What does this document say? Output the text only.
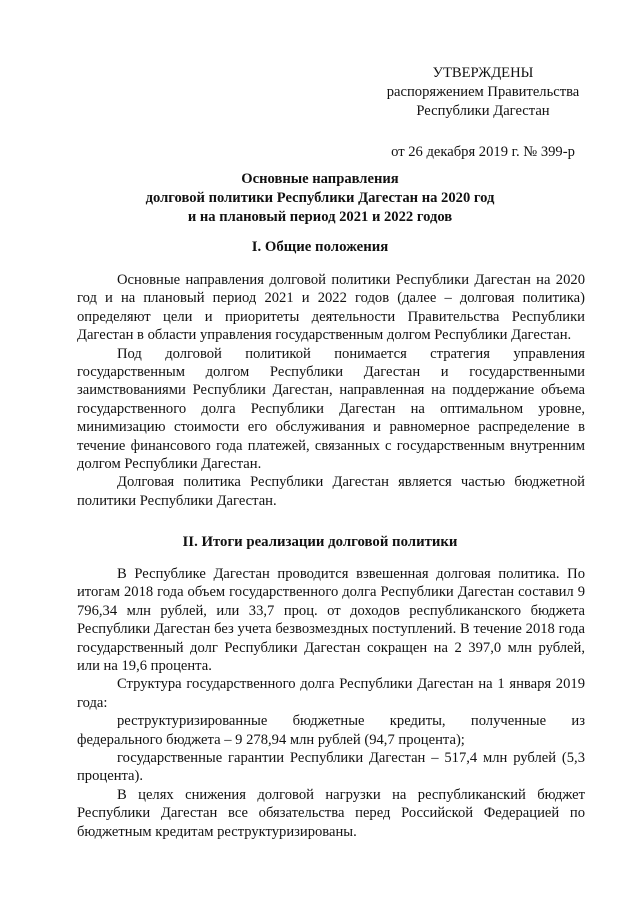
УТВЕРЖДЕНЫ
распоряжением Правительства
Республики Дагестан
от 26 декабря 2019 г. № 399-р
Основные направления
долговой политики Республики Дагестан на 2020 год
и на плановый период 2021 и 2022 годов
I. Общие положения

Основные направления долговой политики Республики Дагестан на 2020 год и на плановый период 2021 и 2022 годов (далее – долговая политика) определяют цели и приоритеты деятельности Правительства Республики Дагестан в области управления государственным долгом Республики Дагестан.

Под долговой политикой понимается стратегия управления государственным долгом Республики Дагестан и государственными заимствованиями Республики Дагестан, направленная на поддержание объема государственного долга Республики Дагестан на оптимальном уровне, минимизацию стоимости его обслуживания и равномерное распределение в течение финансового года платежей, связанных с государственным внутренним долгом Республики Дагестан.

Долговая политика Республики Дагестан является частью бюджетной политики Республики Дагестан.

II. Итоги реализации долговой политики

В Республике Дагестан проводится взвешенная долговая политика. По итогам 2018 года объем государственного долга Республики Дагестан составил 9 796,34 млн рублей, или 33,7 проц. от доходов республиканского бюджета Республики Дагестан без учета безвозмездных поступлений. В течение 2018 года государственный долг Республики Дагестан сокращен на 2 397,0 млн рублей, или на 19,6 процента.

Структура государственного долга Республики Дагестан на 1 января 2019 года:

реструктуризированные бюджетные кредиты, полученные из федерального бюджета – 9 278,94 млн рублей (94,7 процента);

государственные гарантии Республики Дагестан – 517,4 млн рублей (5,3 процента).

В целях снижения долговой нагрузки на республиканский бюджет Республики Дагестан все обязательства перед Российской Федерацией по бюджетным кредитам реструктуризированы.
